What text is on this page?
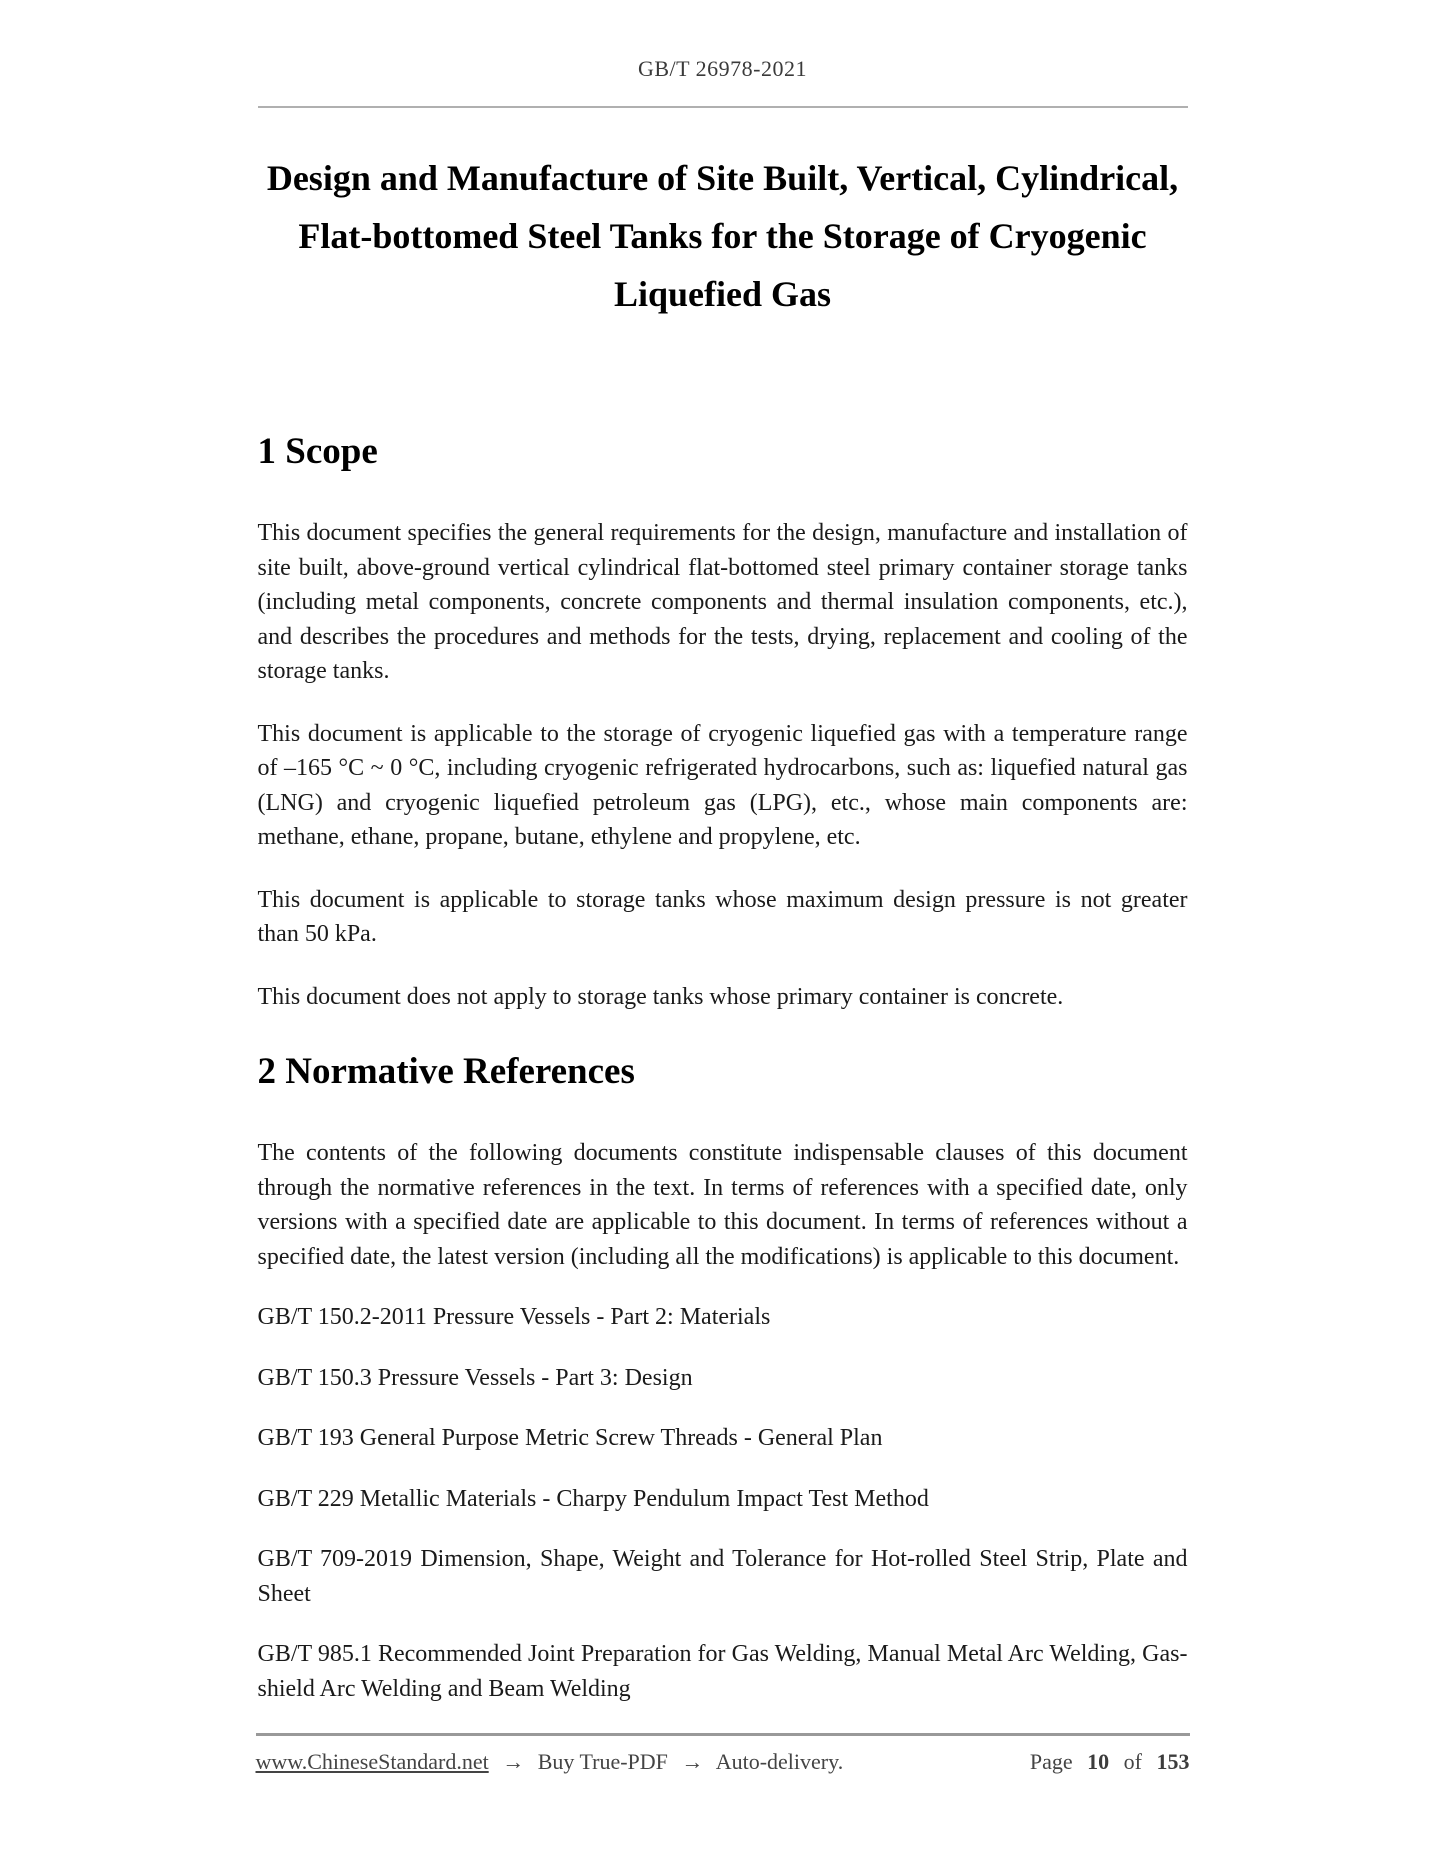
GB/T 26978-2021
Design and Manufacture of Site Built, Vertical, Cylindrical,
Flat-bottomed Steel Tanks for the Storage of Cryogenic
Liquefied Gas
1 Scope

This document specifies the general requirements for the design, manufacture and installation of site built, above-ground vertical cylindrical flat-bottomed steel primary container storage tanks (including metal components, concrete components and thermal insulation components, etc.), and describes the procedures and methods for the tests, drying, replacement and cooling of the storage tanks.

This document is applicable to the storage of cryogenic liquefied gas with a temperature range of –165 °C ~ 0 °C, including cryogenic refrigerated hydrocarbons, such as: liquefied natural gas (LNG) and cryogenic liquefied petroleum gas (LPG), etc., whose main components are: methane, ethane, propane, butane, ethylene and propylene, etc.

This document is applicable to storage tanks whose maximum design pressure is not greater than 50 kPa.

This document does not apply to storage tanks whose primary container is concrete.

2 Normative References

The contents of the following documents constitute indispensable clauses of this document through the normative references in the text. In terms of references with a specified date, only versions with a specified date are applicable to this document. In terms of references without a specified date, the latest version (including all the modifications) is applicable to this document.

GB/T 150.2-2011 Pressure Vessels - Part 2: Materials

GB/T 150.3 Pressure Vessels - Part 3: Design

GB/T 193 General Purpose Metric Screw Threads - General Plan

GB/T 229 Metallic Materials - Charpy Pendulum Impact Test Method

GB/T 709-2019 Dimension, Shape, Weight and Tolerance for Hot-rolled Steel Strip, Plate and Sheet

GB/T 985.1 Recommended Joint Preparation for Gas Welding, Manual Metal Arc Welding, Gas-shield Arc Welding and Beam Welding

www.ChineseStandard.net → Buy True-PDF → Auto-delivery.	Page 10 of 153
